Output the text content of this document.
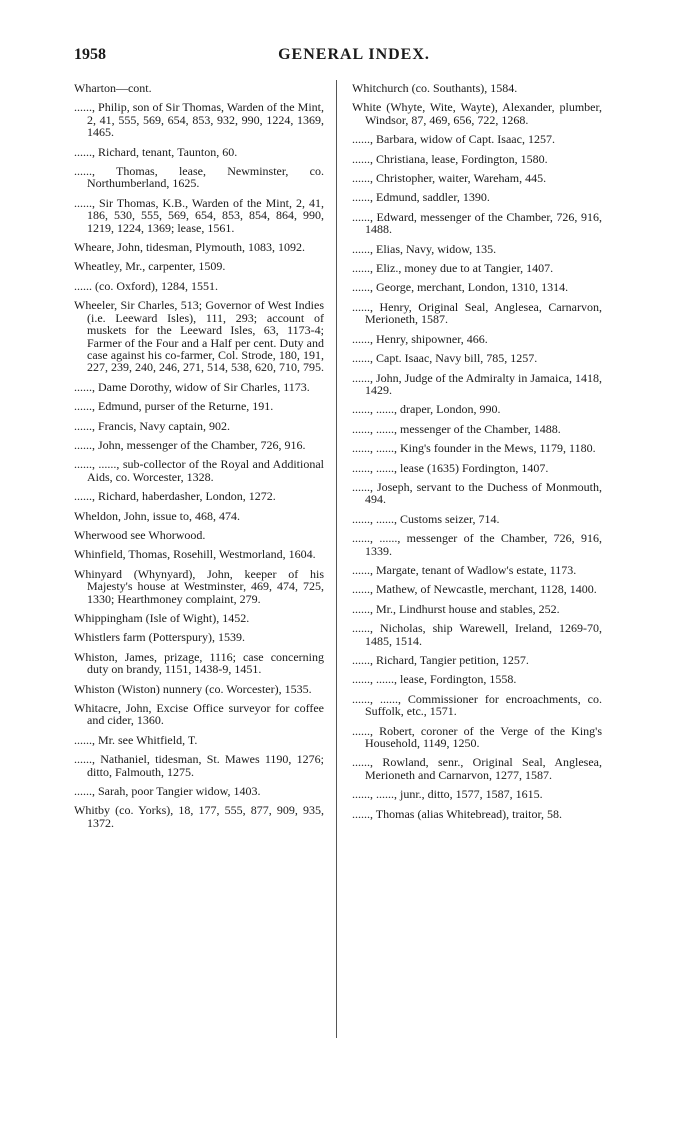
1958	GENERAL INDEX.

Wharton—cont.

......, Philip, son of Sir Thomas, Warden of the Mint, 2, 41, 555, 569, 654, 853, 932, 990, 1224, 1369, 1465.

......, Richard, tenant, Taunton, 60.

......, Thomas, lease, Newminster, co. Northumberland, 1625.

......, Sir Thomas, K.B., Warden of the Mint, 2, 41, 186, 530, 555, 569, 654, 853, 854, 864, 990, 1219, 1224, 1369; lease, 1561.

Wheare, John, tidesman, Plymouth, 1083, 1092.

Wheatley, Mr., carpenter, 1509.

...... (co. Oxford), 1284, 1551.

Wheeler, Sir Charles, 513; Governor of West Indies (i.e. Leeward Isles), 111, 293; account of muskets for the Leeward Isles, 63, 1173-4; Farmer of the Four and a Half per cent. Duty and case against his co-farmer, Col. Strode, 180, 191, 227, 239, 240, 246, 271, 514, 538, 620, 710, 795.

......, Dame Dorothy, widow of Sir Charles, 1173.

......, Edmund, purser of the Returne, 191.

......, Francis, Navy captain, 902.

......, John, messenger of the Chamber, 726, 916.

......, ......, sub-collector of the Royal and Additional Aids, co. Worcester, 1328.

......, Richard, haberdasher, London, 1272.

Wheldon, John, issue to, 468, 474.

Wherwood see Whorwood.

Whinfield, Thomas, Rosehill, Westmorland, 1604.

Whinyard (Whynyard), John, keeper of his Majesty's house at Westminster, 469, 474, 725, 1330; Hearthmoney complaint, 279.

Whippingham (Isle of Wight), 1452.

Whistlers farm (Potterspury), 1539.

Whiston, James, prizage, 1116; case concerning duty on brandy, 1151, 1438-9, 1451.

Whiston (Wiston) nunnery (co. Worcester), 1535.

Whitacre, John, Excise Office surveyor for coffee and cider, 1360.

......, Mr. see Whitfield, T.

......, Nathaniel, tidesman, St. Mawes 1190, 1276; ditto, Falmouth, 1275.

......, Sarah, poor Tangier widow, 1403.

Whitby (co. Yorks), 18, 177, 555, 877, 909, 935, 1372.

Whitchurch (co. Southants), 1584.

White (Whyte, Wite, Wayte), Alexander, plumber, Windsor, 87, 469, 656, 722, 1268.

......, Barbara, widow of Capt. Isaac, 1257.

......, Christiana, lease, Fordington, 1580.

......, Christopher, waiter, Wareham, 445.

......, Edmund, saddler, 1390.

......, Edward, messenger of the Chamber, 726, 916, 1488.

......, Elias, Navy, widow, 135.

......, Eliz., money due to at Tangier, 1407.

......, George, merchant, London, 1310, 1314.

......, Henry, Original Seal, Anglesea, Carnarvon, Merioneth, 1587.

......, Henry, shipowner, 466.

......, Capt. Isaac, Navy bill, 785, 1257.

......, John, Judge of the Admiralty in Jamaica, 1418, 1429.

......, ......, draper, London, 990.

......, ......, messenger of the Chamber, 1488.

......, ......, King's founder in the Mews, 1179, 1180.

......, ......, lease (1635) Fordington, 1407.

......, Joseph, servant to the Duchess of Monmouth, 494.

......, ......, Customs seizer, 714.

......, ......, messenger of the Chamber, 726, 916, 1339.

......, Margate, tenant of Wadlow's estate, 1173.

......, Mathew, of Newcastle, merchant, 1128, 1400.

......, Mr., Lindhurst house and stables, 252.

......, Nicholas, ship Warewell, Ireland, 1269-70, 1485, 1514.

......, Richard, Tangier petition, 1257.

......, ......, lease, Fordington, 1558.

......, ......, Commissioner for encroachments, co. Suffolk, etc., 1571.

......, Robert, coroner of the Verge of the King's Household, 1149, 1250.

......, Rowland, senr., Original Seal, Anglesea, Merioneth and Carnarvon, 1277, 1587.

......, ......, junr., ditto, 1577, 1587, 1615.

......, Thomas (alias Whitebread), traitor, 58.
